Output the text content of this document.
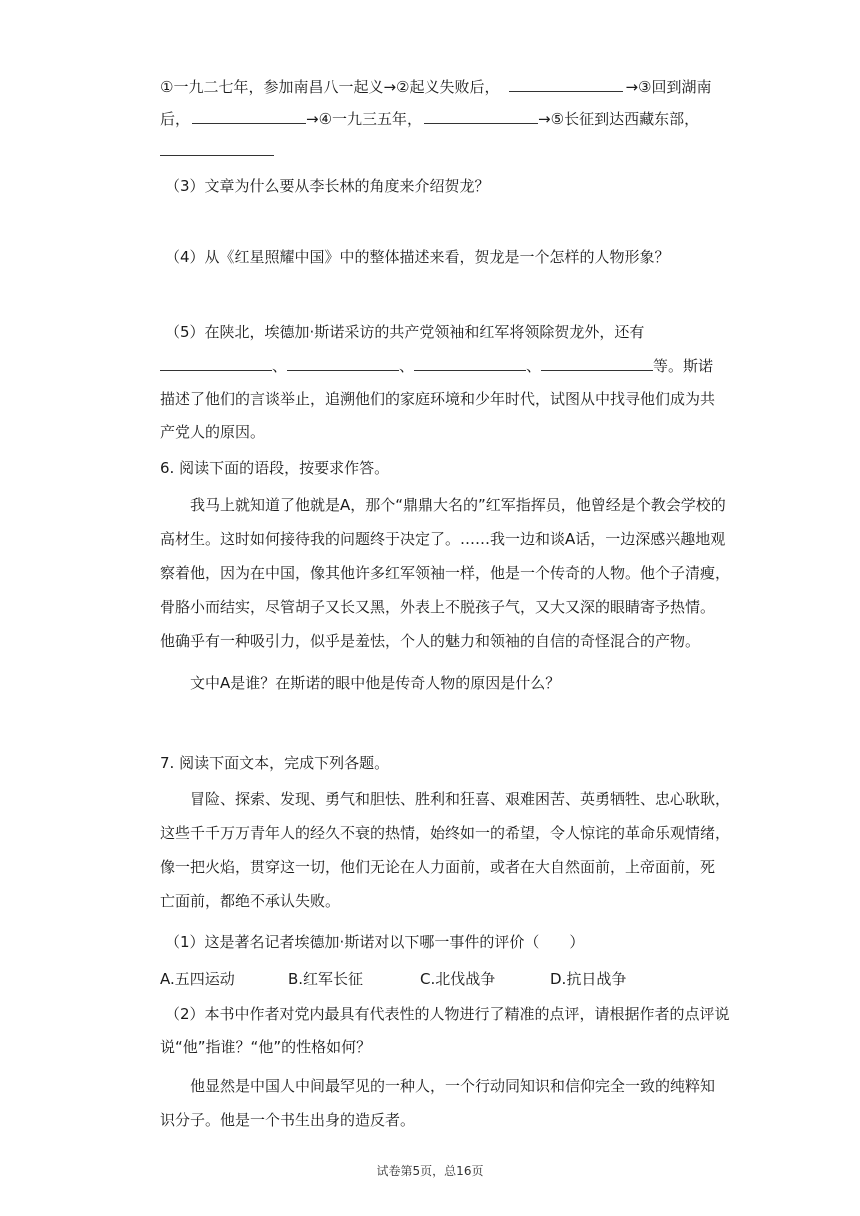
①一九二七年，参加南昌八一起义→②起义失败后，	→③回到湖南
后，	→④一九三五年，	→⑤长征到达西藏东部，
（3）文章为什么要从李长林的角度来介绍贺龙？
（4）从《红星照耀中国》中的整体描述来看，贺龙是一个怎样的人物形象？
（5）在陕北，埃德加·斯诺采访的共产党领袖和红军将领除贺龙外，还有
、	、	、	等。斯诺
描述了他们的言谈举止，追溯他们的家庭环境和少年时代，试图从中找寻他们成为共
产党人的原因。
6. 阅读下面的语段，按要求作答。
我马上就知道了他就是A，那个“鼎鼎大名的”红军指挥员，他曾经是个教会学校的
高材生。这时如何接待我的问题终于决定了。……我一边和谈A话，一边深感兴趣地观
察着他，因为在中国，像其他许多红军领袖一样，他是一个传奇的人物。他个子清瘦，
骨胳小而结实，尽管胡子又长又黑，外表上不脱孩子气，又大又深的眼睛寄予热情。
他确乎有一种吸引力，似乎是羞怯，个人的魅力和领袖的自信的奇怪混合的产物。
文中A是谁？在斯诺的眼中他是传奇人物的原因是什么？
7. 阅读下面文本，完成下列各题。
冒险、探索、发现、勇气和胆怯、胜利和狂喜、艰难困苦、英勇牺牲、忠心耿耿，
这些千千万万青年人的经久不衰的热情，始终如一的希望，令人惊诧的革命乐观情绪，
像一把火焰，贯穿这一切，他们无论在人力面前，或者在大自然面前，上帝面前，死
亡面前，都绝不承认失败。
（1）这是著名记者埃德加·斯诺对以下哪一事件的评价（　　）
A.五四运动	B.红军长征	C.北伐战争	D.抗日战争
（2）本书中作者对党内最具有代表性的人物进行了精准的点评，请根据作者的点评说
说“他”指谁？“他”的性格如何？
他显然是中国人中间最罕见的一种人，一个行动同知识和信仰完全一致的纯粹知
识分子。他是一个书生出身的造反者。
试卷第5页，总16页
